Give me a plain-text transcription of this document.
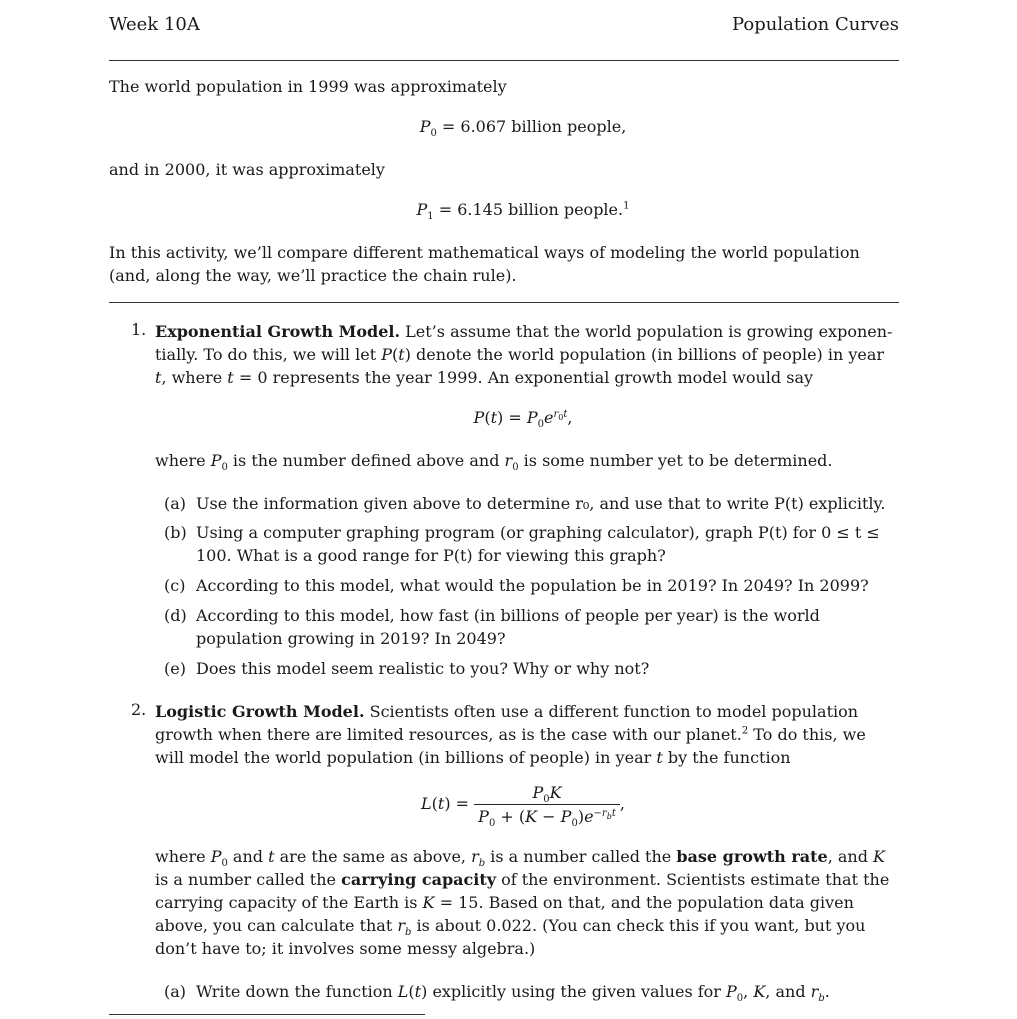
Week 10A	Population Curves
The world population in 1999 was approximately
$P_0 = 6.067$ billion people,
and in 2000, it was approximately
$P_1 = 6.145$ billion people.$^1$
In this activity, we’ll compare different mathematical ways of modeling the world population (and, along the way, we’ll practice the chain rule).
1. Exponential Growth Model. Let’s assume that the world population is growing exponen- tially. To do this, we will let P(t) denote the world population (in billions of people) in year t, where t = 0 represents the year 1999. An exponential growth model would say
$P(t) = P_0e^{r_0t}$,
where $P_0$ is the number defined above and $r_0$ is some number yet to be determined.
(a) Use the information given above to determine r₀, and use that to write P(t) explicitly.
(b) Using a computer graphing program (or graphing calculator), graph P(t) for 0 ≤ t ≤ 100. What is a good range for P(t) for viewing this graph?
(c) According to this model, what would the population be in 2019? In 2049? In 2099?
(d) According to this model, how fast (in billions of people per year) is the world population growing in 2019? In 2049?
(e) Does this model seem realistic to you? Why or why not?
2. Logistic Growth Model. Scientists often use a different function to model population growth when there are limited resources, as is the case with our planet.$^2$ To do this, we will model the world population (in billions of people) in year t by the function
$L(t) = \frac{P_0K}{P_0 + (K - P_0)e^{-r_bt}}$ ,
where $P_0$ and t are the same as above, $r_b$ is a number called the base growth rate, and K is a number called the carrying capacity of the environment. Scientists estimate that the carrying capacity of the Earth is K = 15. Based on that, and the population data given above, you can calculate that $r_b$ is about 0.022. (You can check this if you want, but you don’t have to; it involves some messy algebra.)
(a) Write down the function L(t) explicitly using the given values for $P_0$, K, and $r_b$.
